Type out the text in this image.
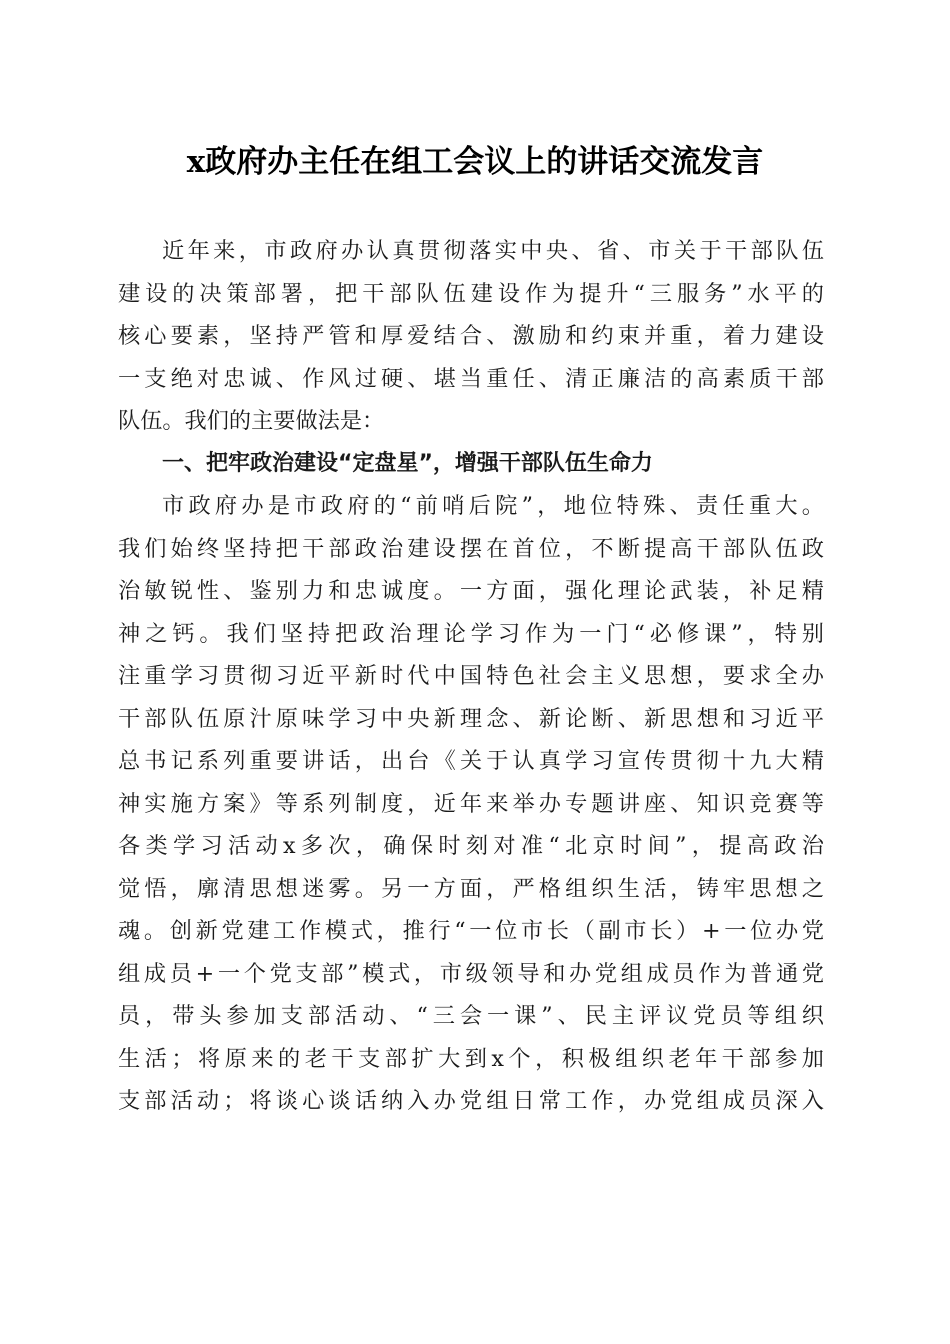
x政府办主任在组工会议上的讲话交流发言
近年来，市政府办认真贯彻落实中央、省、市关于干部队伍
建设的决策部署，把干部队伍建设作为提升“三服务”水平的
核心要素，坚持严管和厚爱结合、激励和约束并重，着力建设
一支绝对忠诚、作风过硬、堪当重任、清正廉洁的高素质干部
队伍。我们的主要做法是：
一、把牢政治建设“定盘星”，增强干部队伍生命力
市政府办是市政府的“前哨后院”，地位特殊、责任重大。
我们始终坚持把干部政治建设摆在首位，不断提高干部队伍政
治敏锐性、鉴别力和忠诚度。一方面，强化理论武装，补足精
神之钙。我们坚持把政治理论学习作为一门“必修课”，特别
注重学习贯彻习近平新时代中国特色社会主义思想，要求全办
干部队伍原汁原味学习中央新理念、新论断、新思想和习近平
总书记系列重要讲话，出台《关于认真学习宣传贯彻十九大精
神实施方案》等系列制度，近年来举办专题讲座、知识竞赛等
各类学习活动x多次，确保时刻对准“北京时间”，提高政治
觉悟，廓清思想迷雾。另一方面，严格组织生活，铸牢思想之
魂。创新党建工作模式，推行“一位市长（副市长）+一位办党
组成员+一个党支部”模式，市级领导和办党组成员作为普通党
员，带头参加支部活动、“三会一课”、民主评议党员等组织
生活；将原来的老干支部扩大到x个，积极组织老年干部参加
支部活动；将谈心谈话纳入办党组日常工作，办党组成员深入
